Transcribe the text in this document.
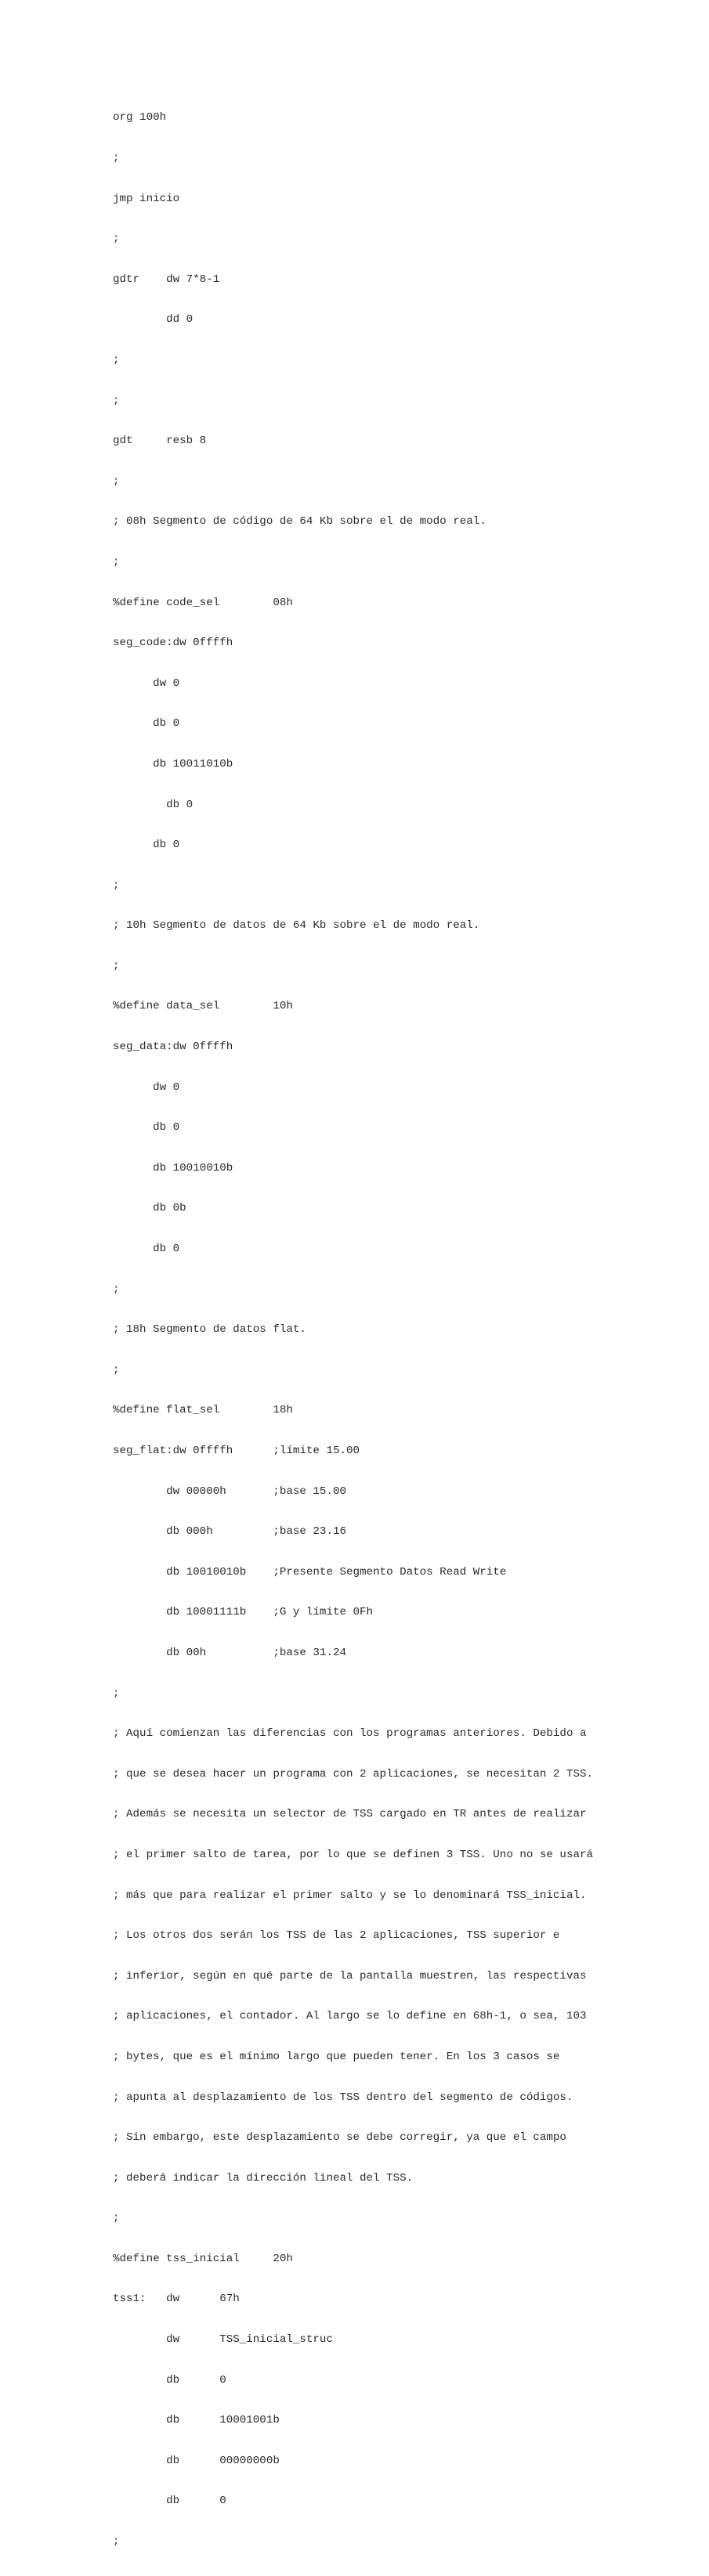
org 100h

;

jmp inicio

;

gdtr    dw 7*8-1

dd 0

;

;

gdt     resb 8

;

; 08h Segmento de código de 64 Kb sobre el de modo real.

;

%define code_sel        08h

seg_code:dw 0ffffh

dw 0

db 0

db 10011010b

db 0

db 0

;

; 10h Segmento de datos de 64 Kb sobre el de modo real.

;

%define data_sel        10h

seg_data:dw 0ffffh

dw 0

db 0

db 10010010b

db 0b

db 0

;

; 18h Segmento de datos flat.

;

%define flat_sel        18h

seg_flat:dw 0ffffh      ;límite 15.00

dw 00000h       ;base 15.00

db 000h         ;base 23.16

db 10010010b    ;Presente Segmento Datos Read Write

db 10001111b    ;G y límite 0Fh

db 00h          ;base 31.24

;

; Aquí comienzan las diferencias con los programas anteriores. Debido a

; que se desea hacer un programa con 2 aplicaciones, se necesitan 2 TSS.

; Además se necesita un selector de TSS cargado en TR antes de realizar

; el primer salto de tarea, por lo que se definen 3 TSS. Uno no se usará

; más que para realizar el primer salto y se lo denominará TSS_inicial.

; Los otros dos serán los TSS de las 2 aplicaciones, TSS superior e

; inferior, según en qué parte de la pantalla muestren, las respectivas

; aplicaciones, el contador. Al largo se lo define en 68h-1, o sea, 103

; bytes, que es el mínimo largo que pueden tener. En los 3 casos se

; apunta al desplazamiento de los TSS dentro del segmento de códigos.

; Sin embargo, este desplazamiento se debe corregir, ya que el campo

; deberá indicar la dirección lineal del TSS.

;

%define tss_inicial     20h

tss1:   dw      67h

dw      TSS_inicial_struc

db      0

db      10001001b

db      00000000b

db      0

;
